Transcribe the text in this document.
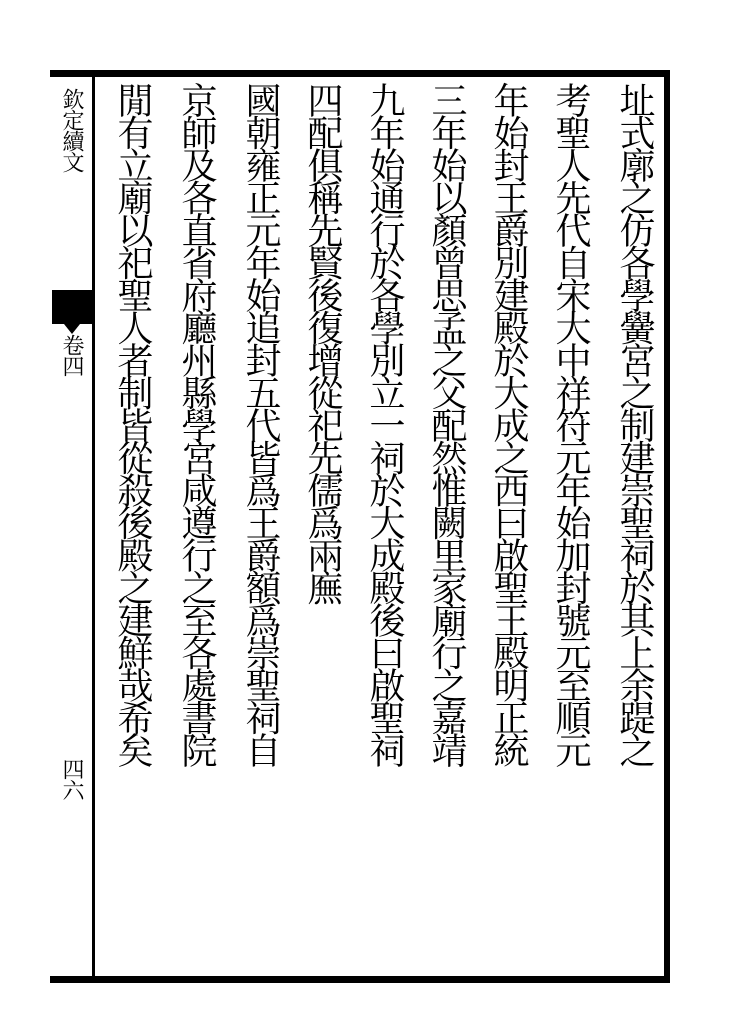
欽定續文
卷四
四六
址式廓之仿各學黌宮之制建崇聖祠於其上余踶之
考聖人先代自宋大中祥符元年始加封號元至順元
年始封王爵別建殿於大成之西曰啟聖王殿明正統
三年始以顏曾思孟之父配然惟闕里家廟行之嘉靖
九年始通行於各學別立一祠於大成殿後曰啟聖祠
四配俱稱先賢後復增從祀先儒爲兩廡
國朝雍正元年始追封五代皆爲王爵額爲崇聖祠自
京師及各直省府廳州縣學宮咸遵行之至各處書院
閒有立廟以祀聖人者制皆從殺後殿之建鮮哉希矣
